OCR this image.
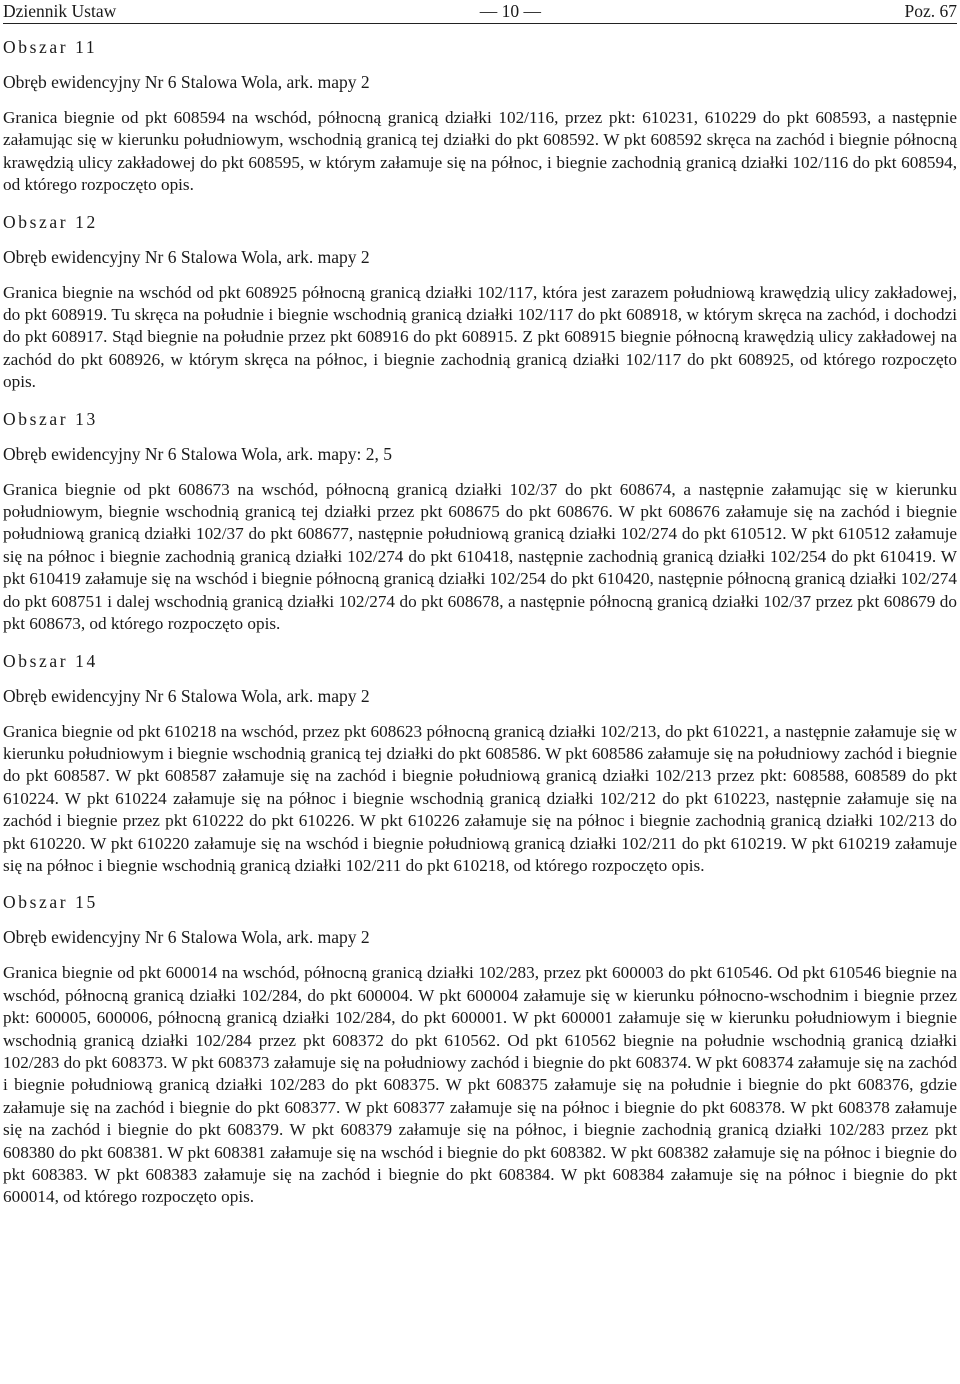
Dziennik Ustaw	— 10 —	Poz. 67

Obszar 11

Obręb ewidencyjny Nr 6 Stalowa Wola, ark. mapy 2

Granica biegnie od pkt 608594 na wschód, północną granicą działki 102/116, przez pkt: 610231, 610229 do pkt 608593, a następnie załamując się w kierunku południowym, wschodnią granicą tej działki do pkt 608592. W pkt 608592 skręca na zachód i biegnie północną krawędzią ulicy zakładowej do pkt 608595, w którym załamuje się na północ, i biegnie zachodnią granicą działki 102/116 do pkt 608594, od którego rozpoczęto opis.

Obszar 12

Obręb ewidencyjny Nr 6 Stalowa Wola, ark. mapy 2

Granica biegnie na wschód od pkt 608925 północną granicą działki 102/117, która jest zarazem południową krawędzią ulicy zakładowej, do pkt 608919. Tu skręca na południe i biegnie wschodnią granicą działki 102/117 do pkt 608918, w którym skręca na zachód, i dochodzi do pkt 608917. Stąd biegnie na południe przez pkt 608916 do pkt 608915. Z pkt 608915 biegnie północną krawędzią ulicy zakładowej na zachód do pkt 608926, w którym skręca na północ, i biegnie zachodnią granicą działki 102/117 do pkt 608925, od którego rozpoczęto opis.

Obszar 13

Obręb ewidencyjny Nr 6 Stalowa Wola, ark. mapy: 2, 5

Granica biegnie od pkt 608673 na wschód, północną granicą działki 102/37 do pkt 608674, a następnie załamując się w kierunku południowym, biegnie wschodnią granicą tej działki przez pkt 608675 do pkt 608676. W pkt 608676 załamuje się na zachód i biegnie południową granicą działki 102/37 do pkt 608677, następnie południową granicą działki 102/274 do pkt 610512. W pkt 610512 załamuje się na północ i biegnie zachodnią granicą działki 102/274 do pkt 610418, następnie zachodnią granicą działki 102/254 do pkt 610419. W pkt 610419 załamuje się na wschód i biegnie północną granicą działki 102/254 do pkt 610420, następnie północną granicą działki 102/274 do pkt 608751 i dalej wschodnią granicą działki 102/274 do pkt 608678, a następnie północną granicą działki 102/37 przez pkt 608679 do pkt 608673, od którego rozpoczęto opis.

Obszar 14

Obręb ewidencyjny Nr 6 Stalowa Wola, ark. mapy 2

Granica biegnie od pkt 610218 na wschód, przez pkt 608623 północną granicą działki 102/213, do pkt 610221, a następnie załamuje się w kierunku południowym i biegnie wschodnią granicą tej działki do pkt 608586. W pkt 608586 załamuje się na południowy zachód i biegnie do pkt 608587. W pkt 608587 załamuje się na zachód i biegnie południową granicą działki 102/213 przez pkt: 608588, 608589 do pkt 610224. W pkt 610224 załamuje się na północ i biegnie wschodnią granicą działki 102/212 do pkt 610223, następnie załamuje się na zachód i biegnie przez pkt 610222 do pkt 610226. W pkt 610226 załamuje się na północ i biegnie zachodnią granicą działki 102/213 do pkt 610220. W pkt 610220 załamuje się na wschód i biegnie południową granicą działki 102/211 do pkt 610219. W pkt 610219 załamuje się na północ i biegnie wschodnią granicą działki 102/211 do pkt 610218, od którego rozpoczęto opis.

Obszar 15

Obręb ewidencyjny Nr 6 Stalowa Wola, ark. mapy 2

Granica biegnie od pkt 600014 na wschód, północną granicą działki 102/283, przez pkt 600003 do pkt 610546. Od pkt 610546 biegnie na wschód, północną granicą działki 102/284, do pkt 600004. W pkt 600004 załamuje się w kierunku północno-wschodnim i biegnie przez pkt: 600005, 600006, północną granicą działki 102/284, do pkt 600001. W pkt 600001 załamuje się w kierunku południowym i biegnie wschodnią granicą działki 102/284 przez pkt 608372 do pkt 610562. Od pkt 610562 biegnie na południe wschodnią granicą działki 102/283 do pkt 608373. W pkt 608373 załamuje się na południowy zachód i biegnie do pkt 608374. W pkt 608374 załamuje się na zachód i biegnie południową granicą działki 102/283 do pkt 608375. W pkt 608375 załamuje się na południe i biegnie do pkt 608376, gdzie załamuje się na zachód i biegnie do pkt 608377. W pkt 608377 załamuje się na północ i biegnie do pkt 608378. W pkt 608378 załamuje się na zachód i biegnie do pkt 608379. W pkt 608379 załamuje się na północ, i biegnie zachodnią granicą działki 102/283 przez pkt 608380 do pkt 608381. W pkt 608381 załamuje się na wschód i biegnie do pkt 608382. W pkt 608382 załamuje się na północ i biegnie do pkt 608383. W pkt 608383 załamuje się na zachód i biegnie do pkt 608384. W pkt 608384 załamuje się na północ i biegnie do pkt 600014, od którego rozpoczęto opis.
